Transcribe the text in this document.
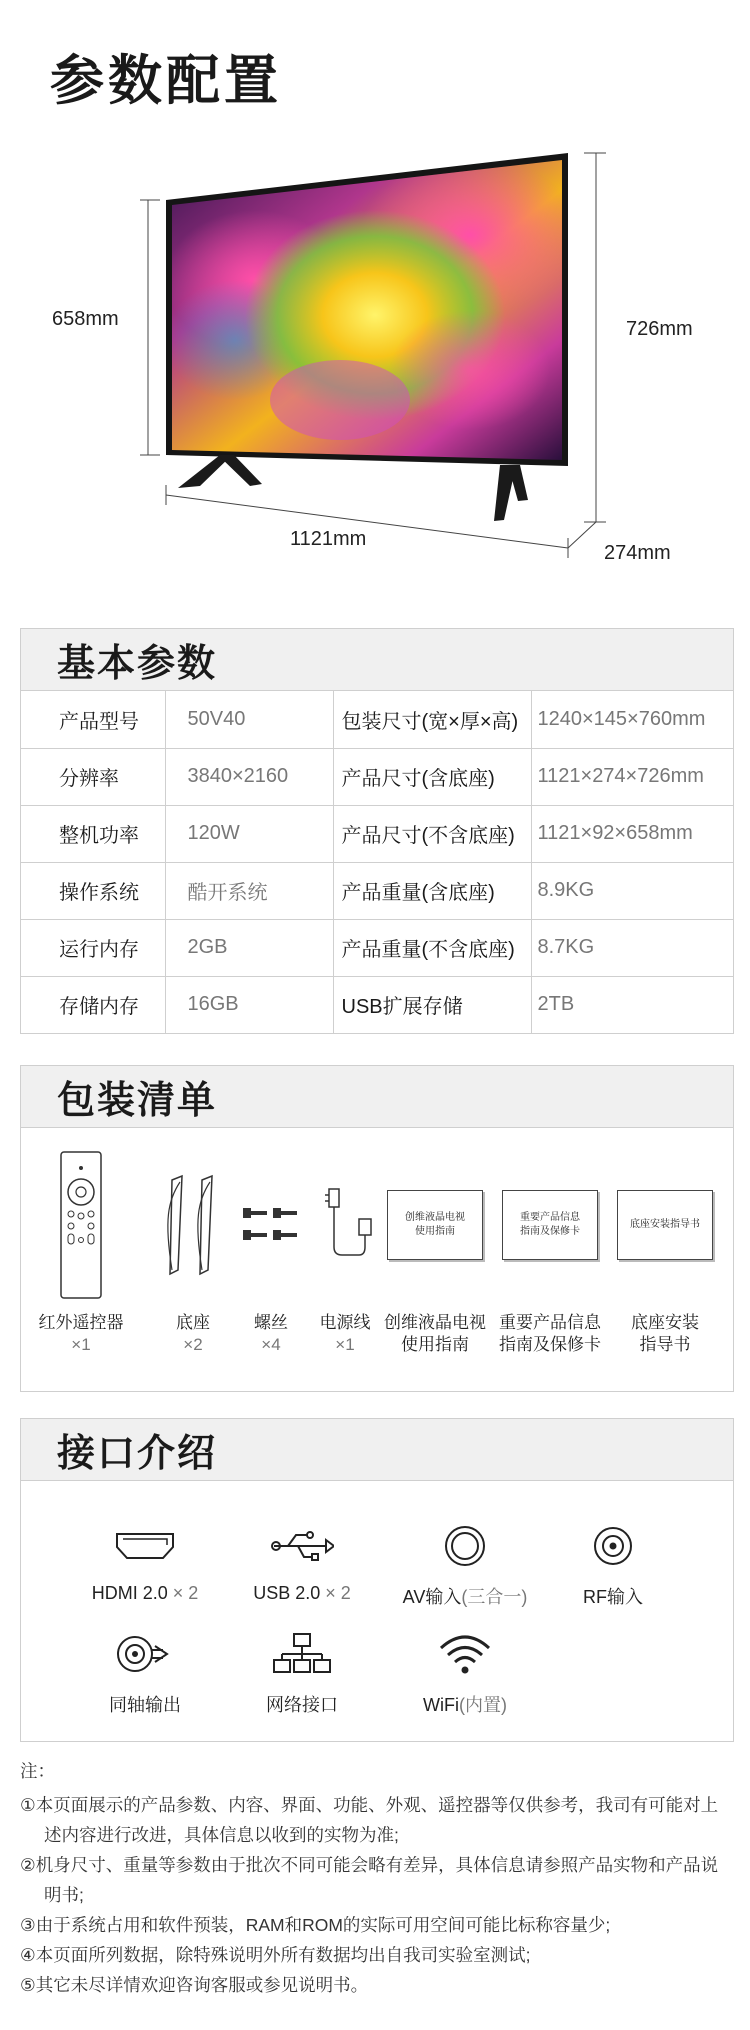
参数配置
658mm	726mm
1121mm
274mm
基本参数
产品型号	50V40	包装尺寸(宽×厚×高)	1240×145×760mm
分辨率	3840×2160	产品尺寸(含底座)	1121×274×726mm
整机功率	120W	产品尺寸(不含底座)	1121×92×658mm
操作系统	酷开系统	产品重量(含底座)	8.9KG
运行内存	2GB	产品重量(不含底座)	8.7KG
存储内存	16GB	USB扩展存储	2TB
包装清单
红外遥控器
×1
底座
×2
螺丝
×4
电源线
×1
创维液晶电视
使用指南
创维液晶电视
使用指南
重要产品信息
指南及保修卡
重要产品信息
指南及保修卡
底座安装指导书
底座安装
指导书
接口介绍
HDMI 2.0 × 2	USB 2.0 × 2	AV输入(三合一)	RF输入
同轴输出	网络接口	WiFi(内置)
注：
①本页面展示的产品参数、内容、界面、功能、外观、遥控器等仅供参考，我司有可能对上述内容进行改进，具体信息以收到的实物为准;
②机身尺寸、重量等参数由于批次不同可能会略有差异，具体信息请参照产品实物和产品说明书;
③由于系统占用和软件预装，RAM和ROM的实际可用空间可能比标称容量少;
④本页面所列数据，除特殊说明外所有数据均出自我司实验室测试;
⑤其它未尽详情欢迎咨询客服或参见说明书。
